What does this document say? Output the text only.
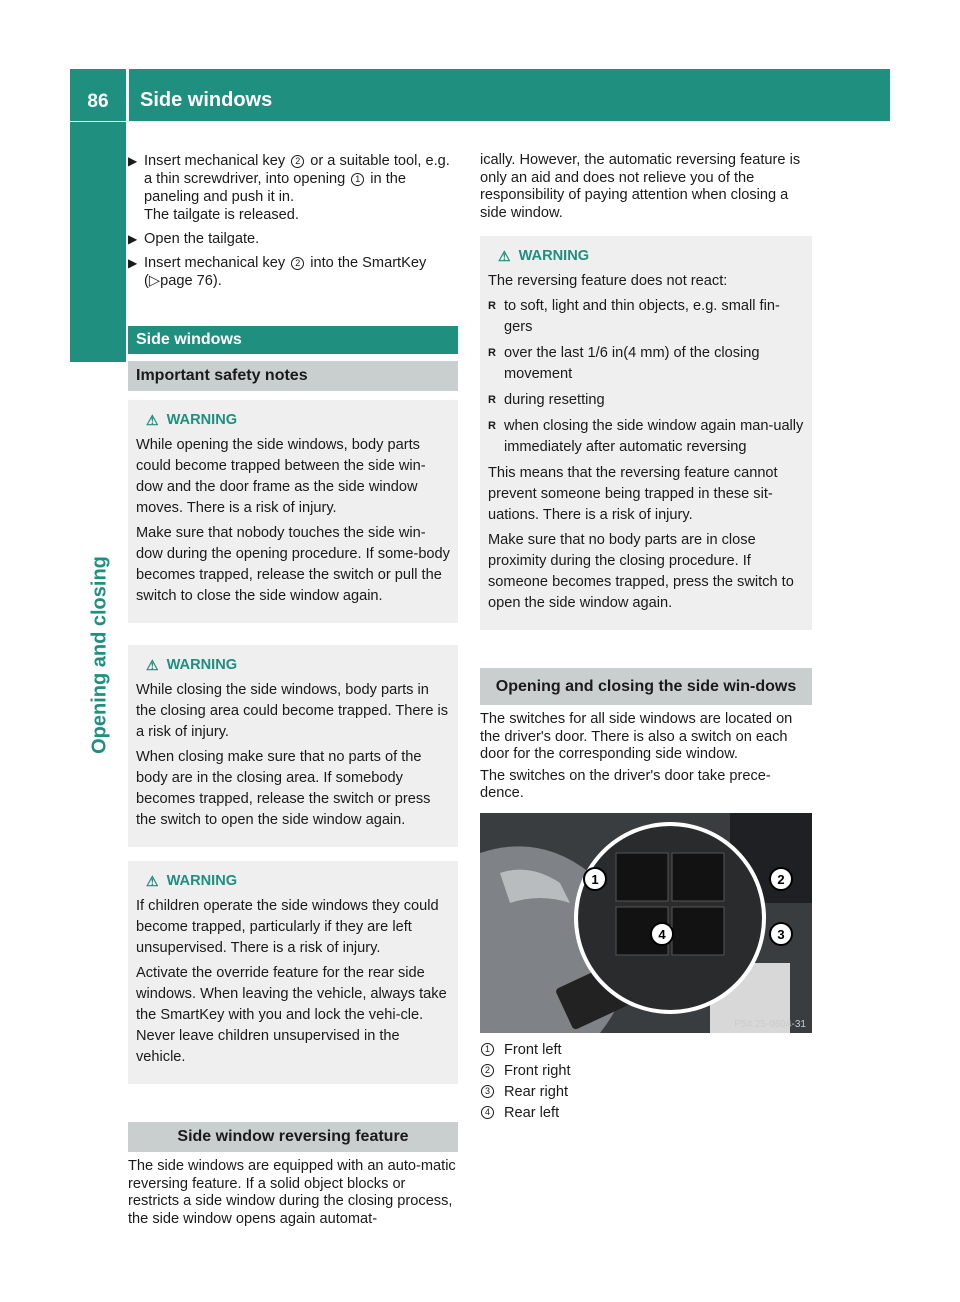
86	Side windows
Opening and closing
▶ Insert mechanical key 2 or a suitable tool, e.g. a thin screwdriver, into opening 1 in the paneling and push it in.

The tailgate is released.

▶ Open the tailgate.

▶ Insert mechanical key 2 into the SmartKey (▷page 76).

Side windows
Important safety notes
⚠ WARNING

While opening the side windows, body parts could become trapped between the side win-dow and the door frame as the side window moves. There is a risk of injury.

Make sure that nobody touches the side win-dow during the opening procedure. If some-body becomes trapped, release the switch or pull the switch to close the side window again.

⚠ WARNING

While closing the side windows, body parts in the closing area could become trapped. There is a risk of injury.

When closing make sure that no parts of the body are in the closing area. If somebody becomes trapped, release the switch or press the switch to open the side window again.

⚠ WARNING

If children operate the side windows they could become trapped, particularly if they are left unsupervised. There is a risk of injury.

Activate the override feature for the rear side windows. When leaving the vehicle, always take the SmartKey with you and lock the vehi-cle. Never leave children unsupervised in the vehicle.

Side window reversing feature

The side windows are equipped with an auto-matic reversing feature. If a solid object blocks or restricts a side window during the closing process, the side window opens again automat-

ically. However, the automatic reversing feature is only an aid and does not relieve you of the responsibility of paying attention when closing a side window.

⚠ WARNING

The reversing feature does not react:

R to soft, light and thin objects, e.g. small fin-gers
R over the last 1/6 in(4 mm) of the closing movement
R during resetting
R when closing the side window again man-ually immediately after automatic reversing

This means that the reversing feature cannot prevent someone being trapped in these sit-uations. There is a risk of injury.

Make sure that no body parts are in close proximity during the closing procedure. If someone becomes trapped, press the switch to open the side window again.

Opening and closing the side win-dows

The switches for all side windows are located on the driver's door. There is also a switch on each door for the corresponding side window.

The switches on the driver's door take prece-dence.

1	2
3
4
P54.25-9604-31
1 Front left
2 Front right
3 Rear right
4 Rear left
